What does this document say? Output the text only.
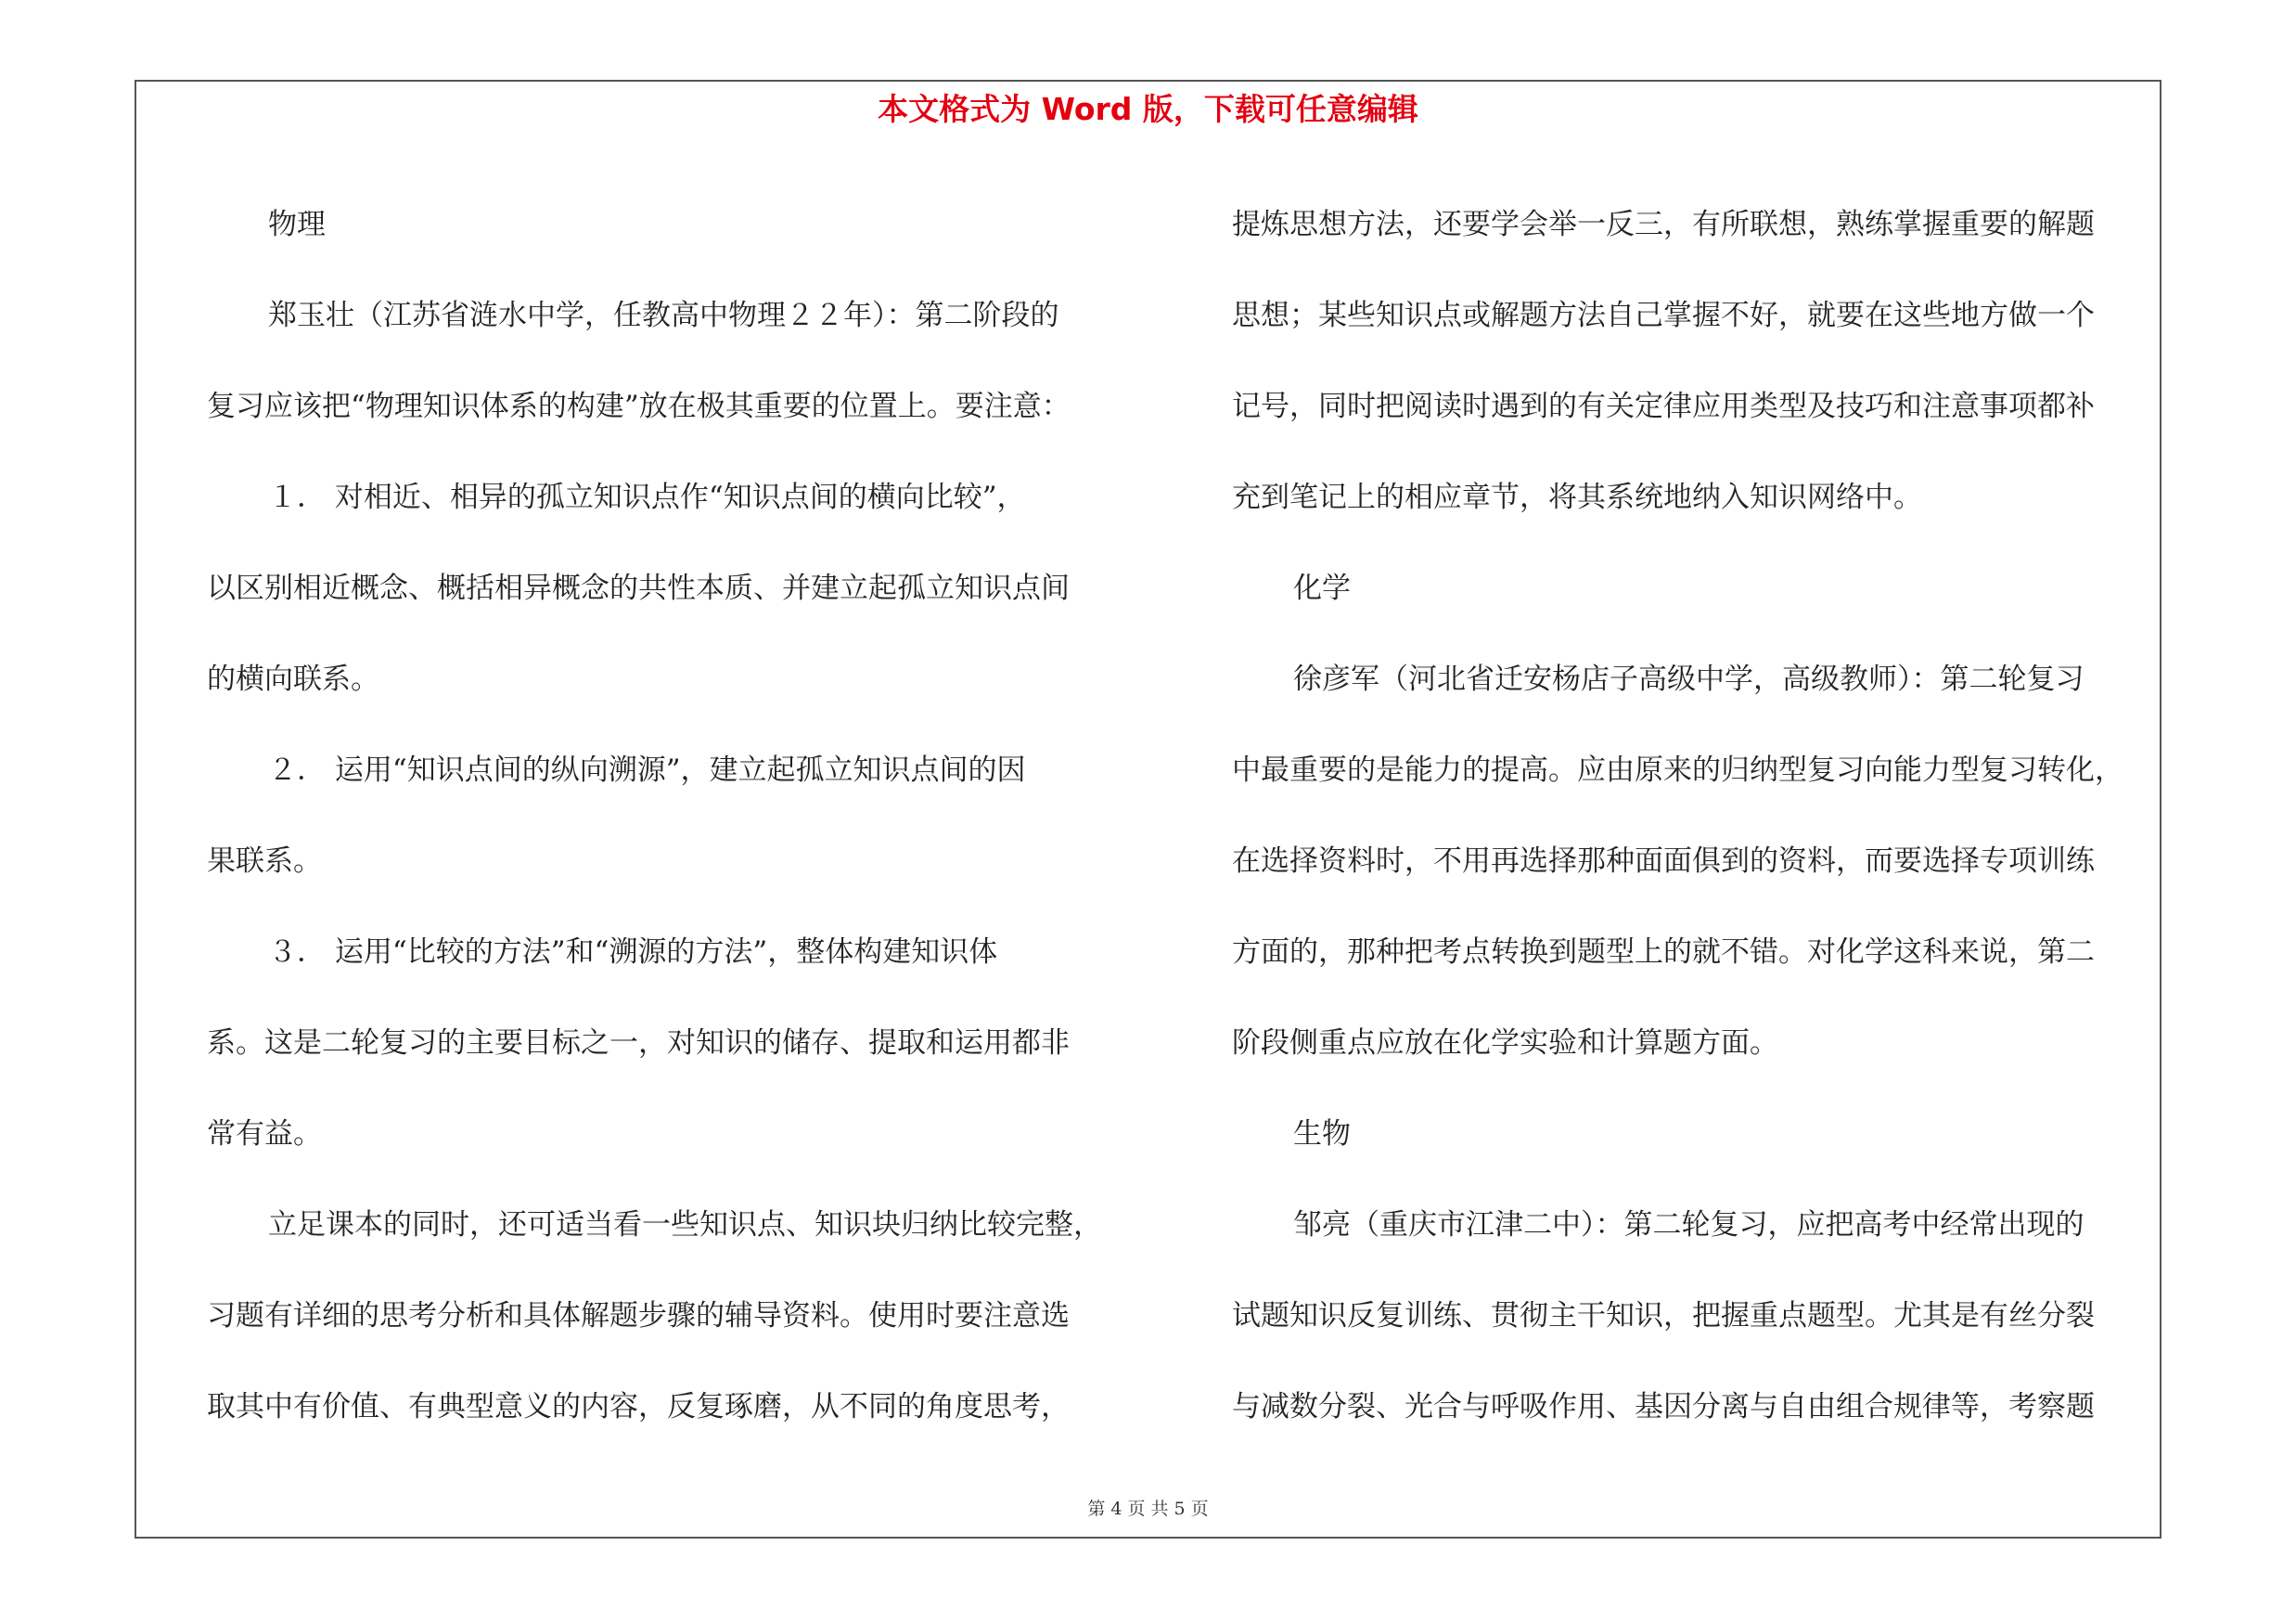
本文格式为 Word 版，下载可任意编辑
物理
郑玉壮（江苏省涟水中学，任教高中物理２２年）：第二阶段的
复习应该把“物理知识体系的构建”放在极其重要的位置上。要注意：
１． 对相近、相异的孤立知识点作“知识点间的横向比较”，
以区别相近概念、概括相异概念的共性本质、并建立起孤立知识点间
的横向联系。
２． 运用“知识点间的纵向溯源”，建立起孤立知识点间的因
果联系。
３． 运用“比较的方法”和“溯源的方法”，整体构建知识体
系。这是二轮复习的主要目标之一，对知识的储存、提取和运用都非
常有益。
立足课本的同时，还可适当看一些知识点、知识块归纳比较完整，
习题有详细的思考分析和具体解题步骤的辅导资料。使用时要注意选
取其中有价值、有典型意义的内容，反复琢磨，从不同的角度思考，
提炼思想方法，还要学会举一反三，有所联想，熟练掌握重要的解题
思想；某些知识点或解题方法自己掌握不好，就要在这些地方做一个
记号，同时把阅读时遇到的有关定律应用类型及技巧和注意事项都补
充到笔记上的相应章节，将其系统地纳入知识网络中。
化学
徐彦军（河北省迁安杨店子高级中学，高级教师）：第二轮复习
中最重要的是能力的提高。应由原来的归纳型复习向能力型复习转化，
在选择资料时，不用再选择那种面面俱到的资料，而要选择专项训练
方面的，那种把考点转换到题型上的就不错。对化学这科来说，第二
阶段侧重点应放在化学实验和计算题方面。
生物
邹亮（重庆市江津二中）：第二轮复习，应把高考中经常出现的
试题知识反复训练、贯彻主干知识，把握重点题型。尤其是有丝分裂
与减数分裂、光合与呼吸作用、基因分离与自由组合规律等，考察题
第 4 页 共 5 页
